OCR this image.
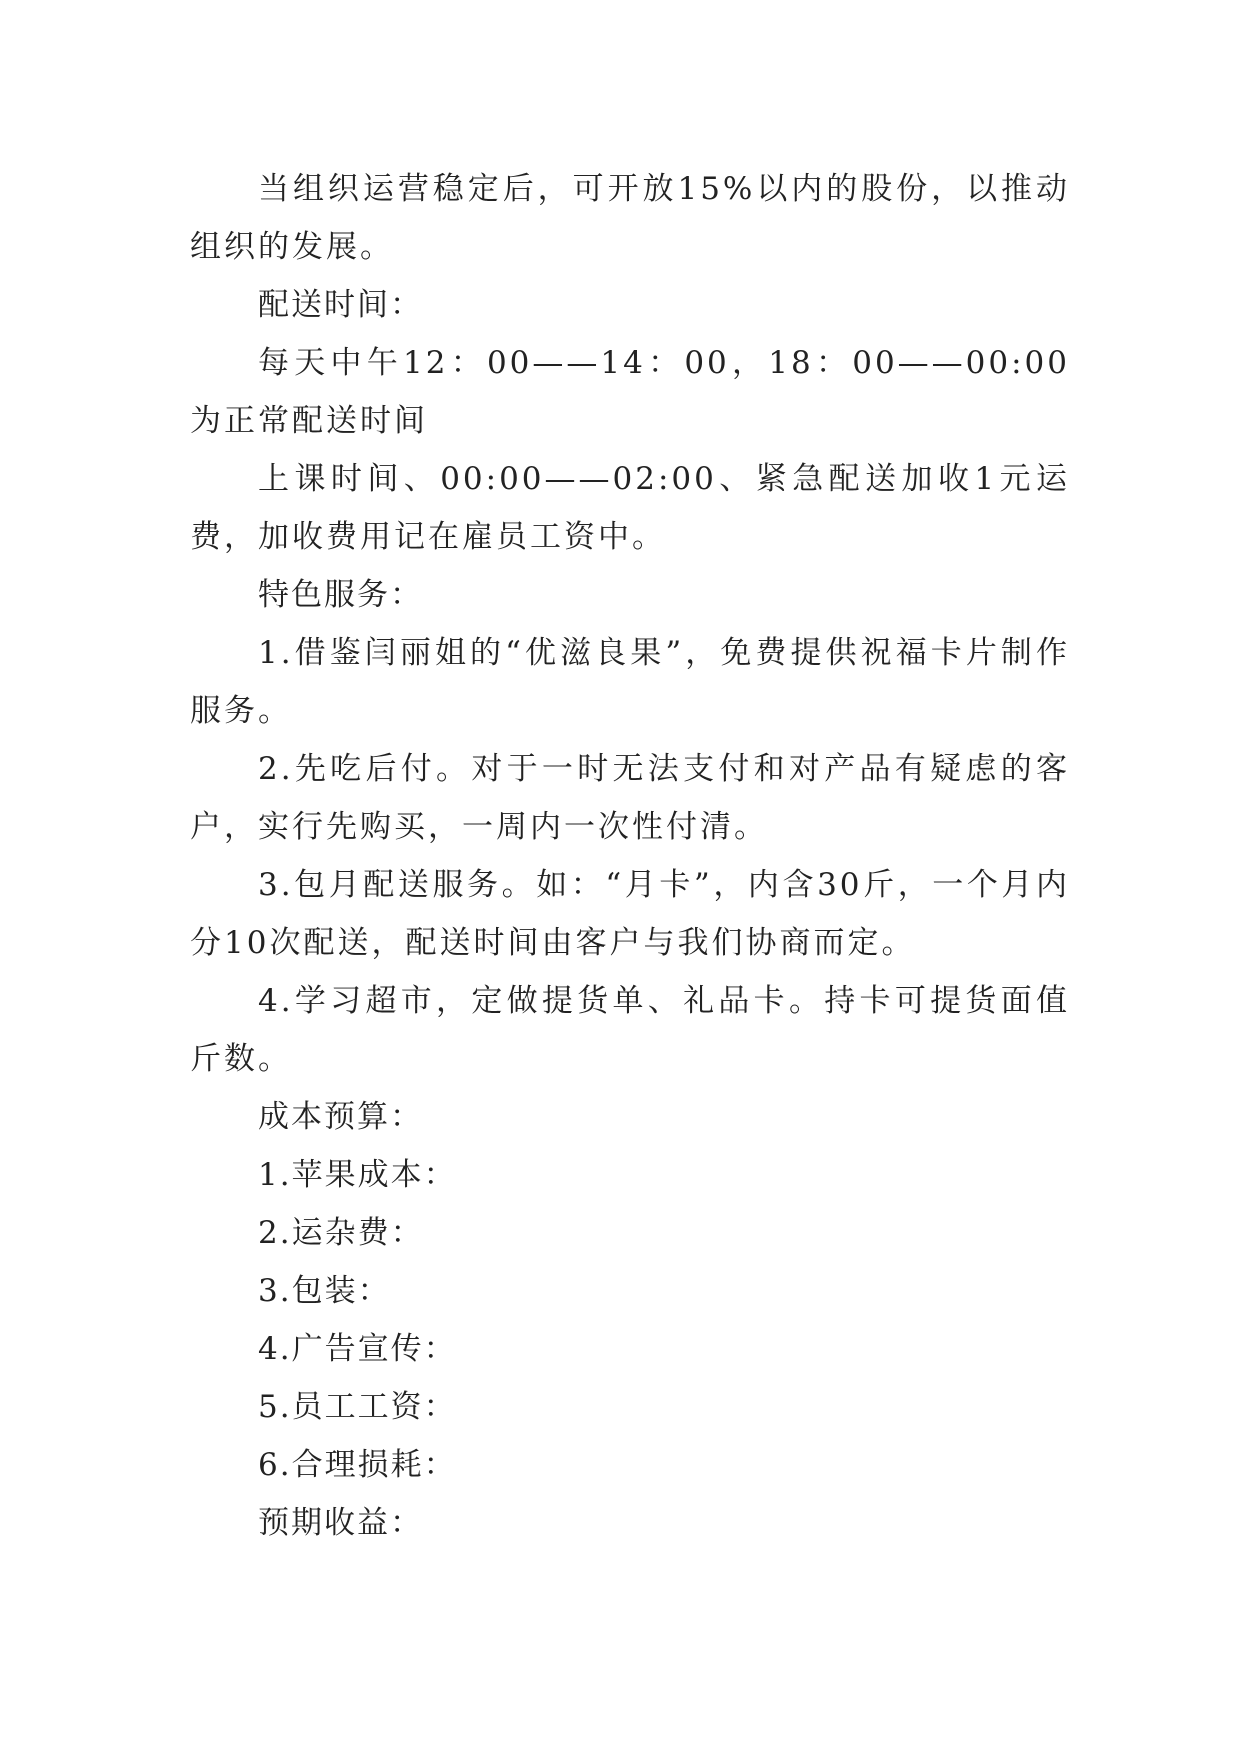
当组织运营稳定后，可开放15%以内的股份，以推动组织的发展。

配送时间：

每天中午12：00——14：00，18：00——00:00为正常配送时间

上课时间、00:00——02:00、紧急配送加收1元运费，加收费用记在雇员工资中。

特色服务：

1.借鉴闫丽姐的“优滋良果”，免费提供祝福卡片制作服务。

2.先吃后付。对于一时无法支付和对产品有疑虑的客户，实行先购买，一周内一次性付清。

3.包月配送服务。如：“月卡”，内含30斤，一个月内分10次配送，配送时间由客户与我们协商而定。

4.学习超市，定做提货单、礼品卡。持卡可提货面值斤数。

成本预算：

1.苹果成本：

2.运杂费：

3.包装：

4.广告宣传：

5.员工工资：

6.合理损耗：

预期收益：
